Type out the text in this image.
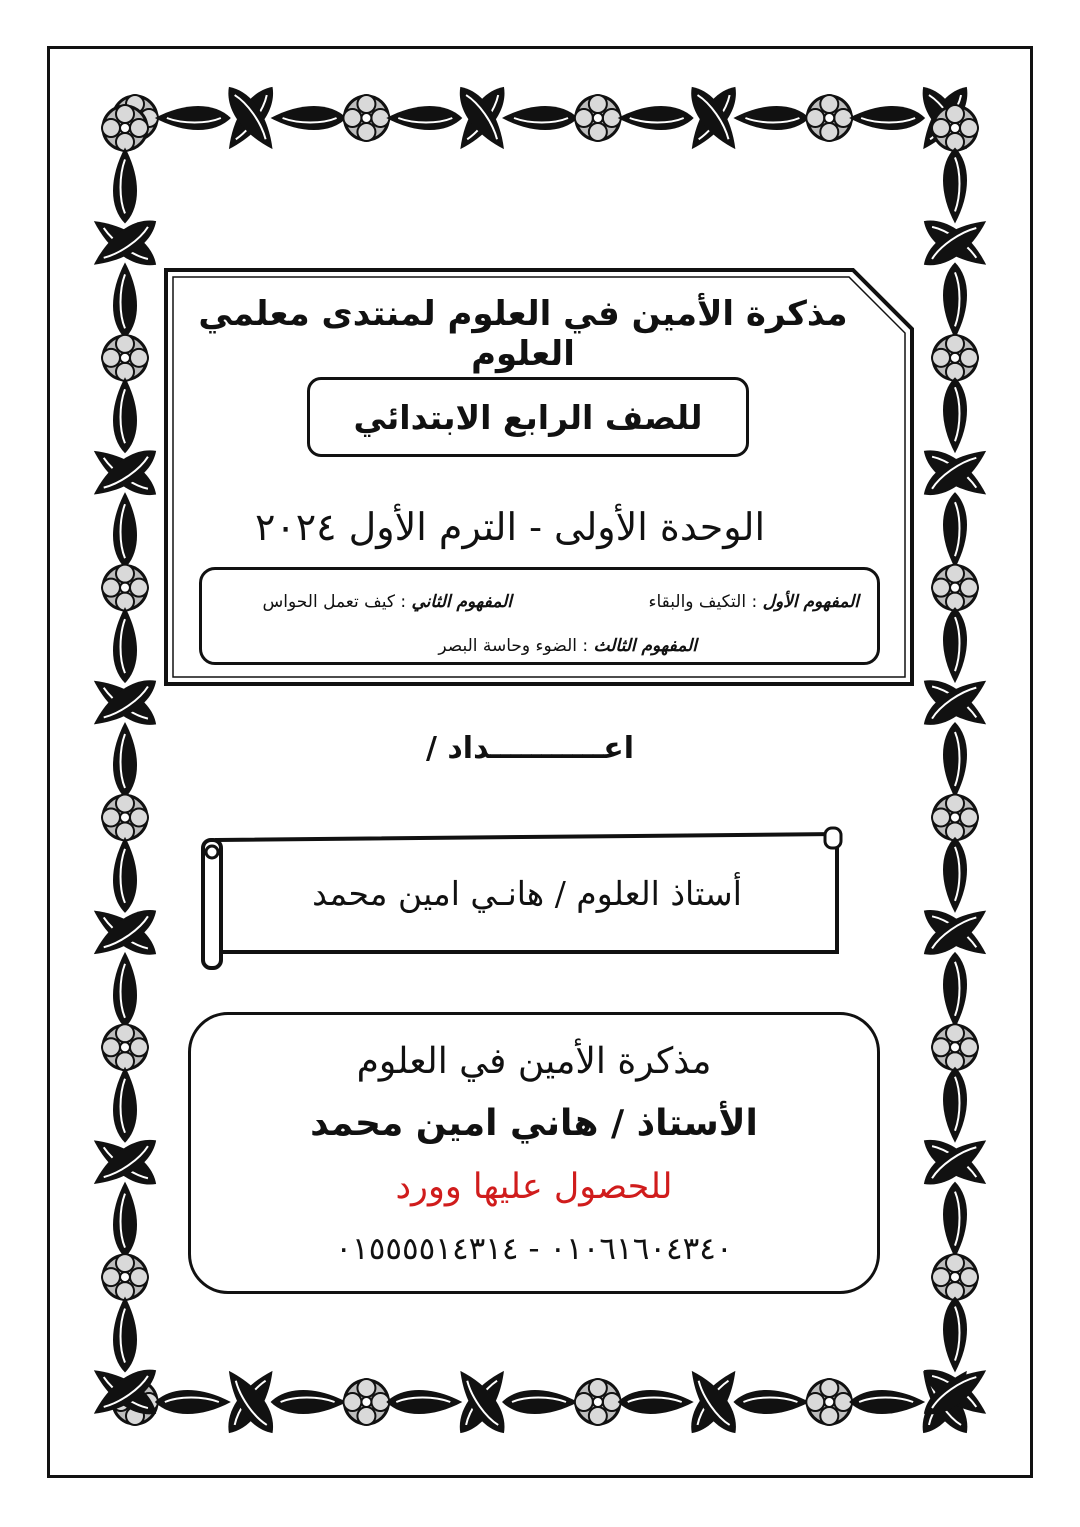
مذكرة الأمين في العلوم لمنتدى معلمي العلوم
للصف الرابع الابتدائي
الوحدة الأولى - الترم الأول ٢٠٢٤
المفهوم الأول : التكيف والبقاء
المفهوم الثاني : كيف تعمل الحواس
المفهوم الثالث : الضوء وحاسة البصر
اعـــــــــــداد /
أستاذ العلوم / هانـي امين محمد
مذكرة الأمين في العلوم
الأستاذ / هاني امين محمد
للحصول عليها وورد
٠١٠٦١٦٠٤٣٤٠ - ٠١٥٥٥٥١٤٣١٤
